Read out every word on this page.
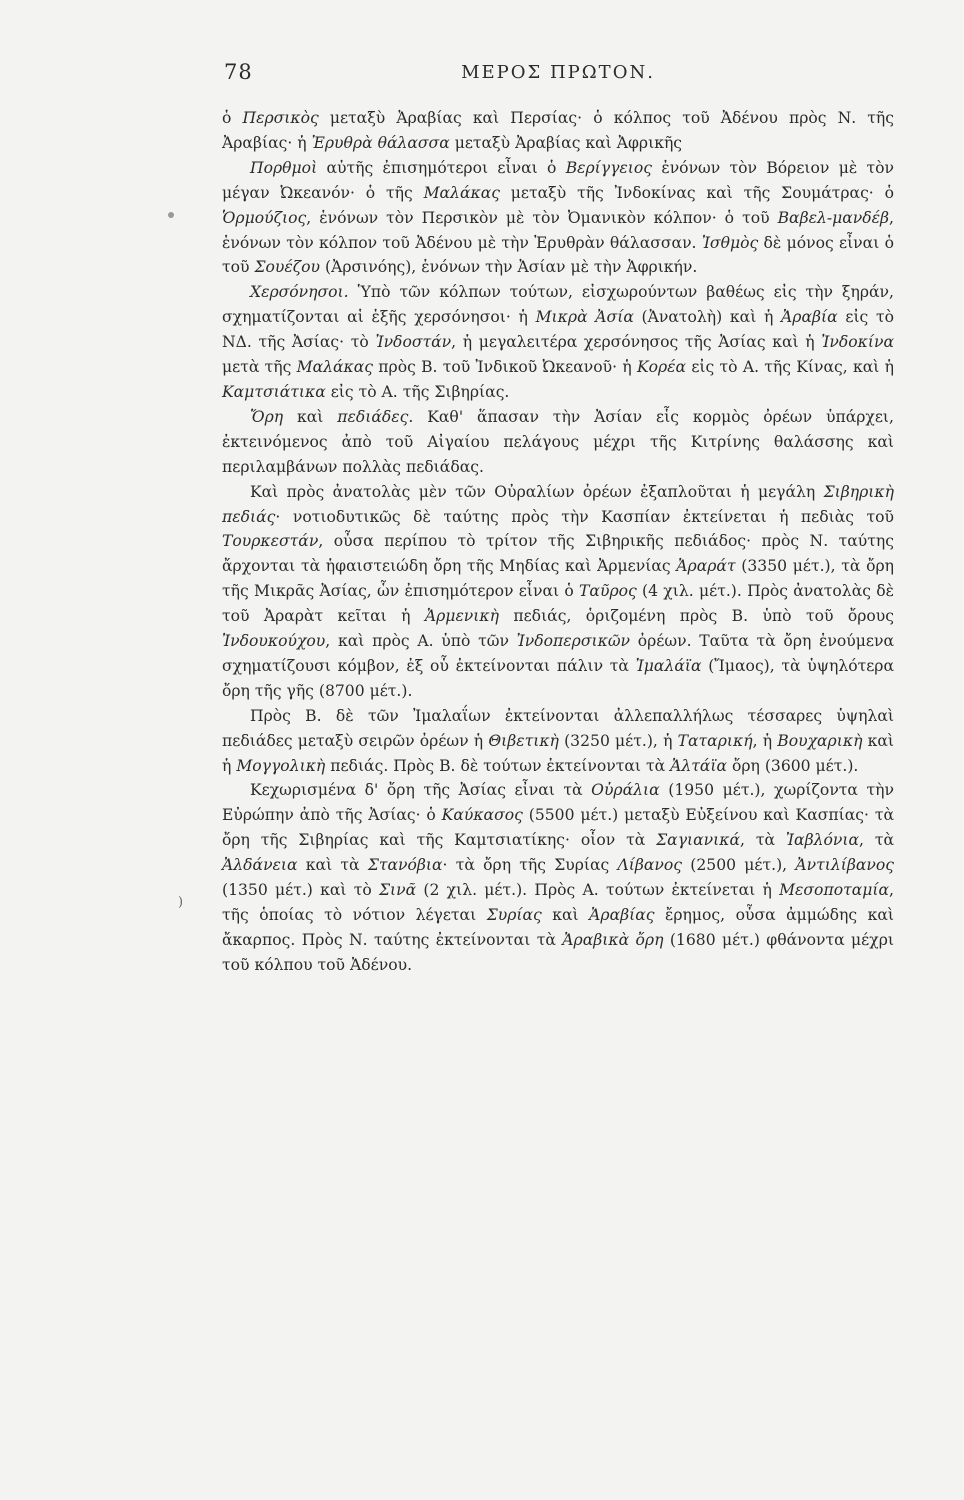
78	ΜΕΡΟΣ ΠΡΩΤΟΝ.

ὁ Περσικὸς μεταξὺ Ἀραβίας καὶ Περσίας· ὁ κόλπος τοῦ Ἀδένου πρὸς Ν. τῆς Ἀραβίας· ἡ Ἐρυθρὰ θάλασσα μεταξὺ Ἀραβίας καὶ Ἀφρικῆς

Πορθμοὶ αὐτῆς ἐπισημότεροι εἶναι ὁ Βερίγγειος ἑνόνων τὸν Βόρειον μὲ τὸν μέγαν Ὠκεανόν· ὁ τῆς Μαλάκας μεταξὺ τῆς Ἰνδοκίνας καὶ τῆς Σουμάτρας· ὁ Ὁρμούζιος, ἑνόνων τὸν Περσικὸν μὲ τὸν Ὀμανικὸν κόλπον· ὁ τοῦ Βαβελ-μανδέβ, ἑνόνων τὸν κόλπον τοῦ Ἀδένου μὲ τὴν Ἐρυθρὰν θάλασσαν. Ἰσθμὸς δὲ μόνος εἶναι ὁ τοῦ Σουέζου (Ἀρσινόης), ἑνόνων τὴν Ἀσίαν μὲ τὴν Ἀφρικήν.

Χερσόνησοι. Ὑπὸ τῶν κόλπων τούτων, εἰσχωρούντων βαθέως εἰς τὴν ξηράν, σχηματίζονται αἱ ἑξῆς χερσόνησοι· ἡ Μικρὰ Ἀσία (Ἀνατολὴ) καὶ ἡ Ἀραβία εἰς τὸ ΝΔ. τῆς Ἀσίας· τὸ Ἰνδοστάν, ἡ μεγαλειτέρα χερσόνησος τῆς Ἀσίας καὶ ἡ Ἰνδοκίνα μετὰ τῆς Μαλάκας πρὸς Β. τοῦ Ἰνδικοῦ Ὠκεανοῦ· ἡ Κορέα εἰς τὸ Α. τῆς Κίνας, καὶ ἡ Καμτσιάτικα εἰς τὸ Α. τῆς Σιβηρίας.

Ὄρη καὶ πεδιάδες. Καθ' ἅπασαν τὴν Ἀσίαν εἷς κορμὸς ὀρέων ὑπάρχει, ἐκτεινόμενος ἀπὸ τοῦ Αἰγαίου πελάγους μέχρι τῆς Κιτρίνης θαλάσσης καὶ περιλαμβάνων πολλὰς πεδιάδας.

Καὶ πρὸς ἀνατολὰς μὲν τῶν Οὐραλίων ὀρέων ἐξαπλοῦται ἡ μεγάλη Σιβηρικὴ πεδιάς· νοτιοδυτικῶς δὲ ταύτης πρὸς τὴν Κασπίαν ἐκτείνεται ἡ πεδιὰς τοῦ Τουρκεστάν, οὖσα περίπου τὸ τρίτον τῆς Σιβηρικῆς πεδιάδος· πρὸς Ν. ταύτης ἄρχονται τὰ ἡφαιστειώδη ὄρη τῆς Μηδίας καὶ Ἀρμενίας Ἀραράτ (3350 μέτ.), τὰ ὄρη τῆς Μικρᾶς Ἀσίας, ὧν ἐπισημότερον εἶναι ὁ Ταῦρος (4 χιλ. μέτ.). Πρὸς ἀνατολὰς δὲ τοῦ Ἀραρὰτ κεῖται ἡ Ἀρμενικὴ πεδιάς, ὁριζομένη πρὸς Β. ὑπὸ τοῦ ὄρους Ἰνδουκούχου, καὶ πρὸς Α. ὑπὸ τῶν Ἰνδοπερσικῶν ὀρέων. Ταῦτα τὰ ὄρη ἑνούμενα σχηματίζουσι κόμβον, ἐξ οὗ ἐκτείνονται πάλιν τὰ Ἰμαλάϊα (Ἴμαος), τὰ ὑψηλότερα ὄρη τῆς γῆς (8700 μέτ.).

Πρὸς Β. δὲ τῶν Ἰμαλαΐων ἐκτείνονται ἀλλεπαλλήλως τέσσαρες ὑψηλαὶ πεδιάδες μεταξὺ σειρῶν ὀρέων ἡ Θιβετικὴ (3250 μέτ.), ἡ Ταταρική, ἡ Βουχαρικὴ καὶ ἡ Μογγολικὴ πεδιάς. Πρὸς Β. δὲ τούτων ἐκτείνονται τὰ Ἀλτάϊα ὄρη (3600 μέτ.).

Κεχωρισμένα δ' ὄρη τῆς Ἀσίας εἶναι τὰ Οὐράλια (1950 μέτ.), χωρίζοντα τὴν Εὐρώπην ἀπὸ τῆς Ἀσίας· ὁ Καύκασος (5500 μέτ.) μεταξὺ Εὐξείνου καὶ Κασπίας· τὰ ὄρη τῆς Σιβηρίας καὶ τῆς Καμτσιατίκης· οἷον τὰ Σαγιανικά, τὰ Ἰαβλόνια, τὰ Ἀλδάνεια καὶ τὰ Στανόβια· τὰ ὄρη τῆς Συρίας Λίβανος (2500 μέτ.), Ἀντιλίβανος (1350 μέτ.) καὶ τὸ Σινᾶ (2 χιλ. μέτ.). Πρὸς Α. τούτων ἐκτείνεται ἡ Μεσοποταμία, τῆς ὁποίας τὸ νότιον λέγεται Συρίας καὶ Ἀραβίας ἔρημος, οὖσα ἀμμώδης καὶ ἄκαρπος. Πρὸς Ν. ταύτης ἐκτείνονται τὰ Ἀραβικὰ ὄρη (1680 μέτ.) φθάνοντα μέχρι τοῦ κόλπου τοῦ Ἀδένου.

)
